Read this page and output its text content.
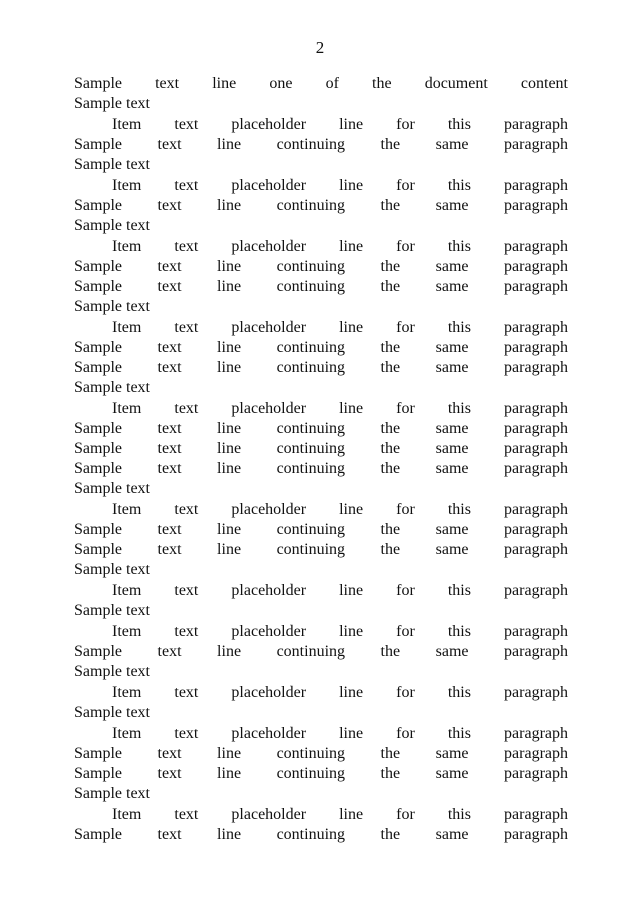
2
Sample text line one of the document content
Sample text
Item text placeholder line for this paragraph
Sample text line continuing the same paragraph
Sample text
Item text placeholder line for this paragraph
Sample text line continuing the same paragraph
Sample text
Item text placeholder line for this paragraph
Sample text line continuing the same paragraph
Sample text line continuing the same paragraph
Sample text
Item text placeholder line for this paragraph
Sample text line continuing the same paragraph
Sample text line continuing the same paragraph
Sample text
Item text placeholder line for this paragraph
Sample text line continuing the same paragraph
Sample text line continuing the same paragraph
Sample text line continuing the same paragraph
Sample text
Item text placeholder line for this paragraph
Sample text line continuing the same paragraph
Sample text line continuing the same paragraph
Sample text
Item text placeholder line for this paragraph
Sample text
Item text placeholder line for this paragraph
Sample text line continuing the same paragraph
Sample text
Item text placeholder line for this paragraph
Sample text
Item text placeholder line for this paragraph
Sample text line continuing the same paragraph
Sample text line continuing the same paragraph
Sample text
Item text placeholder line for this paragraph
Sample text line continuing the same paragraph
